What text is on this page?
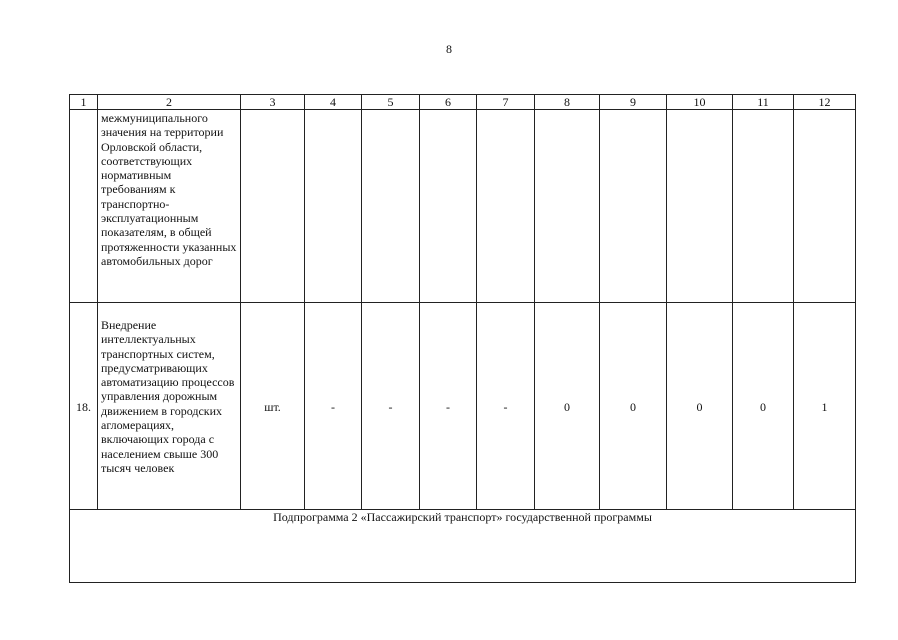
8
1	2	3	4	5	6	7	8	9	10	11	12
	межмуниципального значения на территории Орловской области, соответствующих нормативным требованиям к транспортно-эксплуатационным показателям, в общей протяженности указанных автомобильных дорог										
18.	Внедрение интеллектуальных транспортных систем, предусматривающих автоматизацию процессов управления дорожным движением в городских агломерациях, включающих города с населением свыше 300 тысяч человек	шт.	-	-	-	-	0	0	0	0	1
Подпрограмма 2 «Пассажирский транспорт» государственной программы											
